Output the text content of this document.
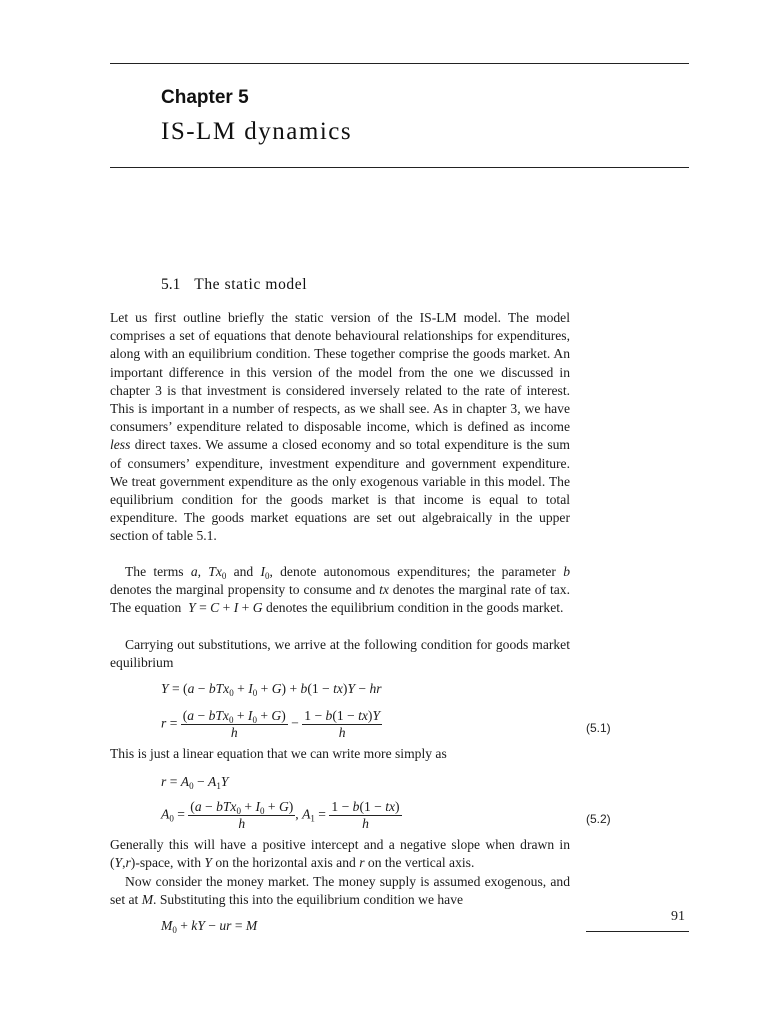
Chapter 5
IS-LM dynamics
5.1 The static model
Let us first outline briefly the static version of the IS-LM model. The model comprises a set of equations that denote behavioural relationships for expenditures, along with an equilibrium condition. These together comprise the goods market. An important difference in this version of the model from the one we discussed in chapter 3 is that investment is considered inversely related to the rate of interest. This is important in a number of respects, as we shall see. As in chapter 3, we have consumers’ expenditure related to disposable income, which is defined as income less direct taxes. We assume a closed economy and so total expenditure is the sum of consumers’ expenditure, investment expenditure and government expenditure. We treat government expenditure as the only exogenous variable in this model. The equilibrium condition for the goods market is that income is equal to total expenditure. The goods market equations are set out algebraically in the upper section of table 5.1.
The terms a, $Tx_0$ and $I_0$, denote autonomous expenditures; the parameter b denotes the marginal propensity to consume and tx denotes the marginal rate of tax. The equation  Y = C + I + G denotes the equilibrium condition in the goods market.
Carrying out substitutions, we arrive at the following condition for goods market equilibrium
$Y = (a - bTx_0 + I_0 + G) + b(1 - tx)Y$ − hr
$r = \frac{(a - bTx_0 + I_0 + G)}{h} - \frac{1 - b(1 - tx)Y}{h}$	(5.1)
This is just a linear equation that we can write more simply as
$r = A_0 - A_1Y$
$A_0 = \frac{(a - bTx_0 + I_0 + G)}{h}$ , $A_1 = \frac{1 - b(1 - tx)}{h}$	(5.2)
Generally this will have a positive intercept and a negative slope when drawn in (Y,r)-space, with Y on the horizontal axis and r on the vertical axis.
Now consider the money market. The money supply is assumed exogenous, and set at M. Substituting this into the equilibrium condition we have
$M_0$ + kY − ur = M
91
